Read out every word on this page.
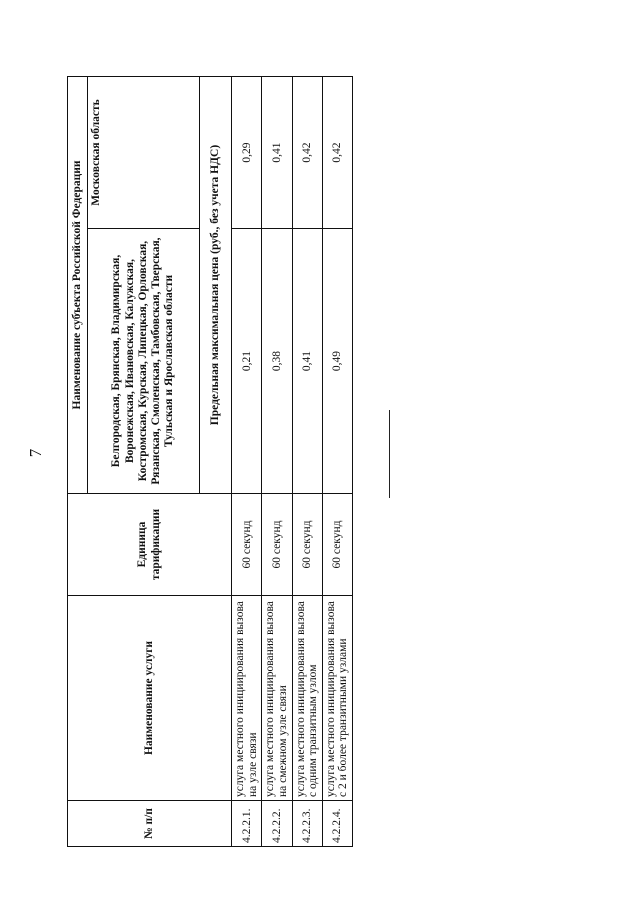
7
№ п/п	Наименование услуги	Единица тарификации	Наименование субъекта Российской Федерации	
			Белгородская, Брянская, Владимирская, Воронежская, Ивановская, Калужская, Костромская, Курская, Липецкая, Орловская, Рязанская, Смоленская, Тамбовская, Тверская, Тульская и Ярославская области	Московская область
			Предельная максимальная цена (руб., без учета НДС)	
4.2.2.1.	услуга местного инициирования вызова на узле связи	60 секунд	0,21	0,29
4.2.2.2.	услуга местного инициирования вызова на смежном узле связи	60 секунд	0,38	0,41
4.2.2.3.	услуга местного инициирования вызова с одним транзитным узлом	60 секунд	0,41	0,42
4.2.2.4.	услуга местного инициирования вызова с 2 и более транзитными узлами	60 секунд	0,49	0,42
